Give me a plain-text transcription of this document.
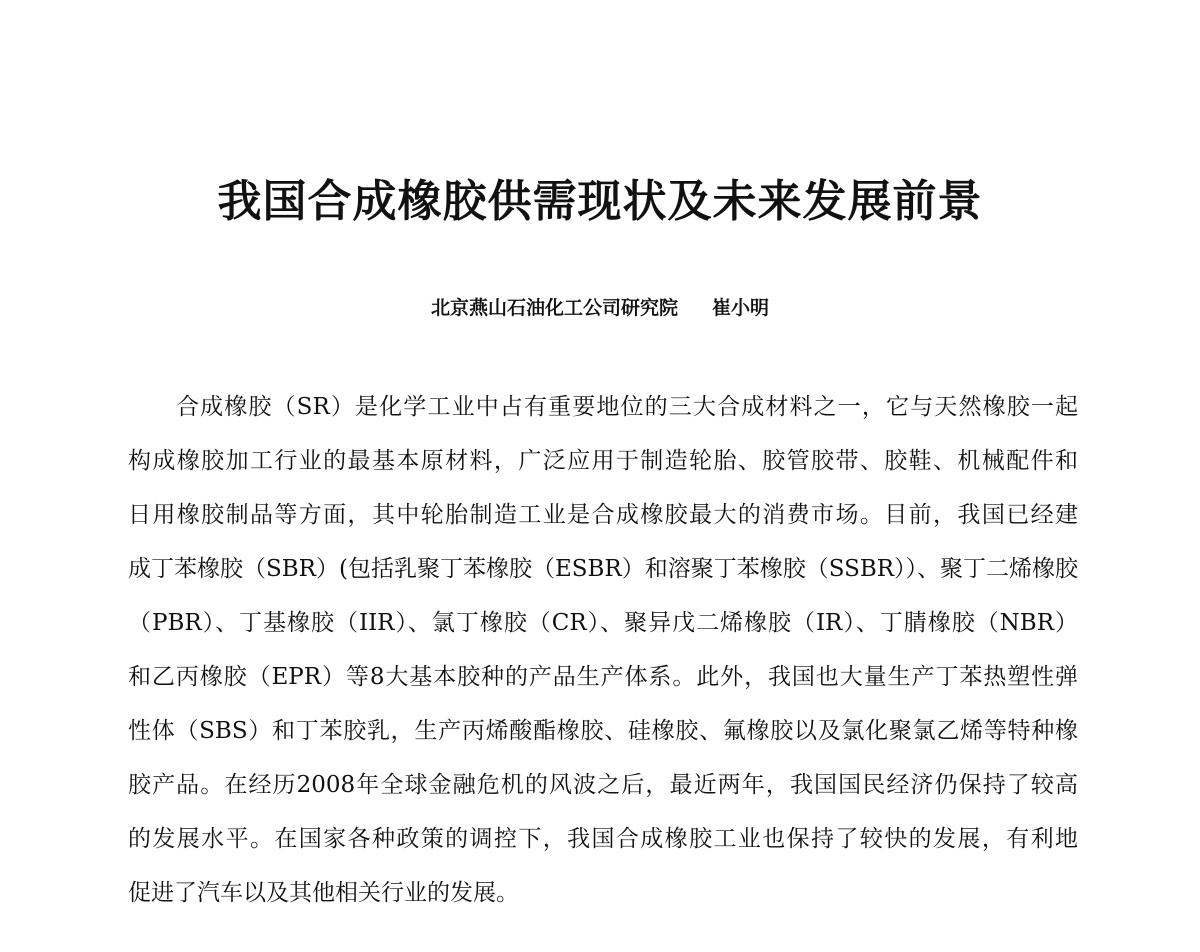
我国合成橡胶供需现状及未来发展前景
北京燕山石油化工公司研究院 崔小明
合成橡胶（SR）是化学工业中占有重要地位的三大合成材料之一，它与天然橡胶一起
构成橡胶加工行业的最基本原材料，广泛应用于制造轮胎、胶管胶带、胶鞋、机械配件和
日用橡胶制品等方面，其中轮胎制造工业是合成橡胶最大的消费市场。目前，我国已经建
成丁苯橡胶（SBR）(包括乳聚丁苯橡胶（ESBR）和溶聚丁苯橡胶（SSBR））、聚丁二烯橡胶
（PBR）、丁基橡胶（IIR）、氯丁橡胶（CR）、聚异戊二烯橡胶（IR）、丁腈橡胶（NBR）
和乙丙橡胶（EPR）等8大基本胶种的产品生产体系。此外，我国也大量生产丁苯热塑性弹
性体（SBS）和丁苯胶乳，生产丙烯酸酯橡胶、硅橡胶、氟橡胶以及氯化聚氯乙烯等特种橡
胶产品。在经历2008年全球金融危机的风波之后，最近两年，我国国民经济仍保持了较高
的发展水平。在国家各种政策的调控下，我国合成橡胶工业也保持了较快的发展，有利地
促进了汽车以及其他相关行业的发展。
